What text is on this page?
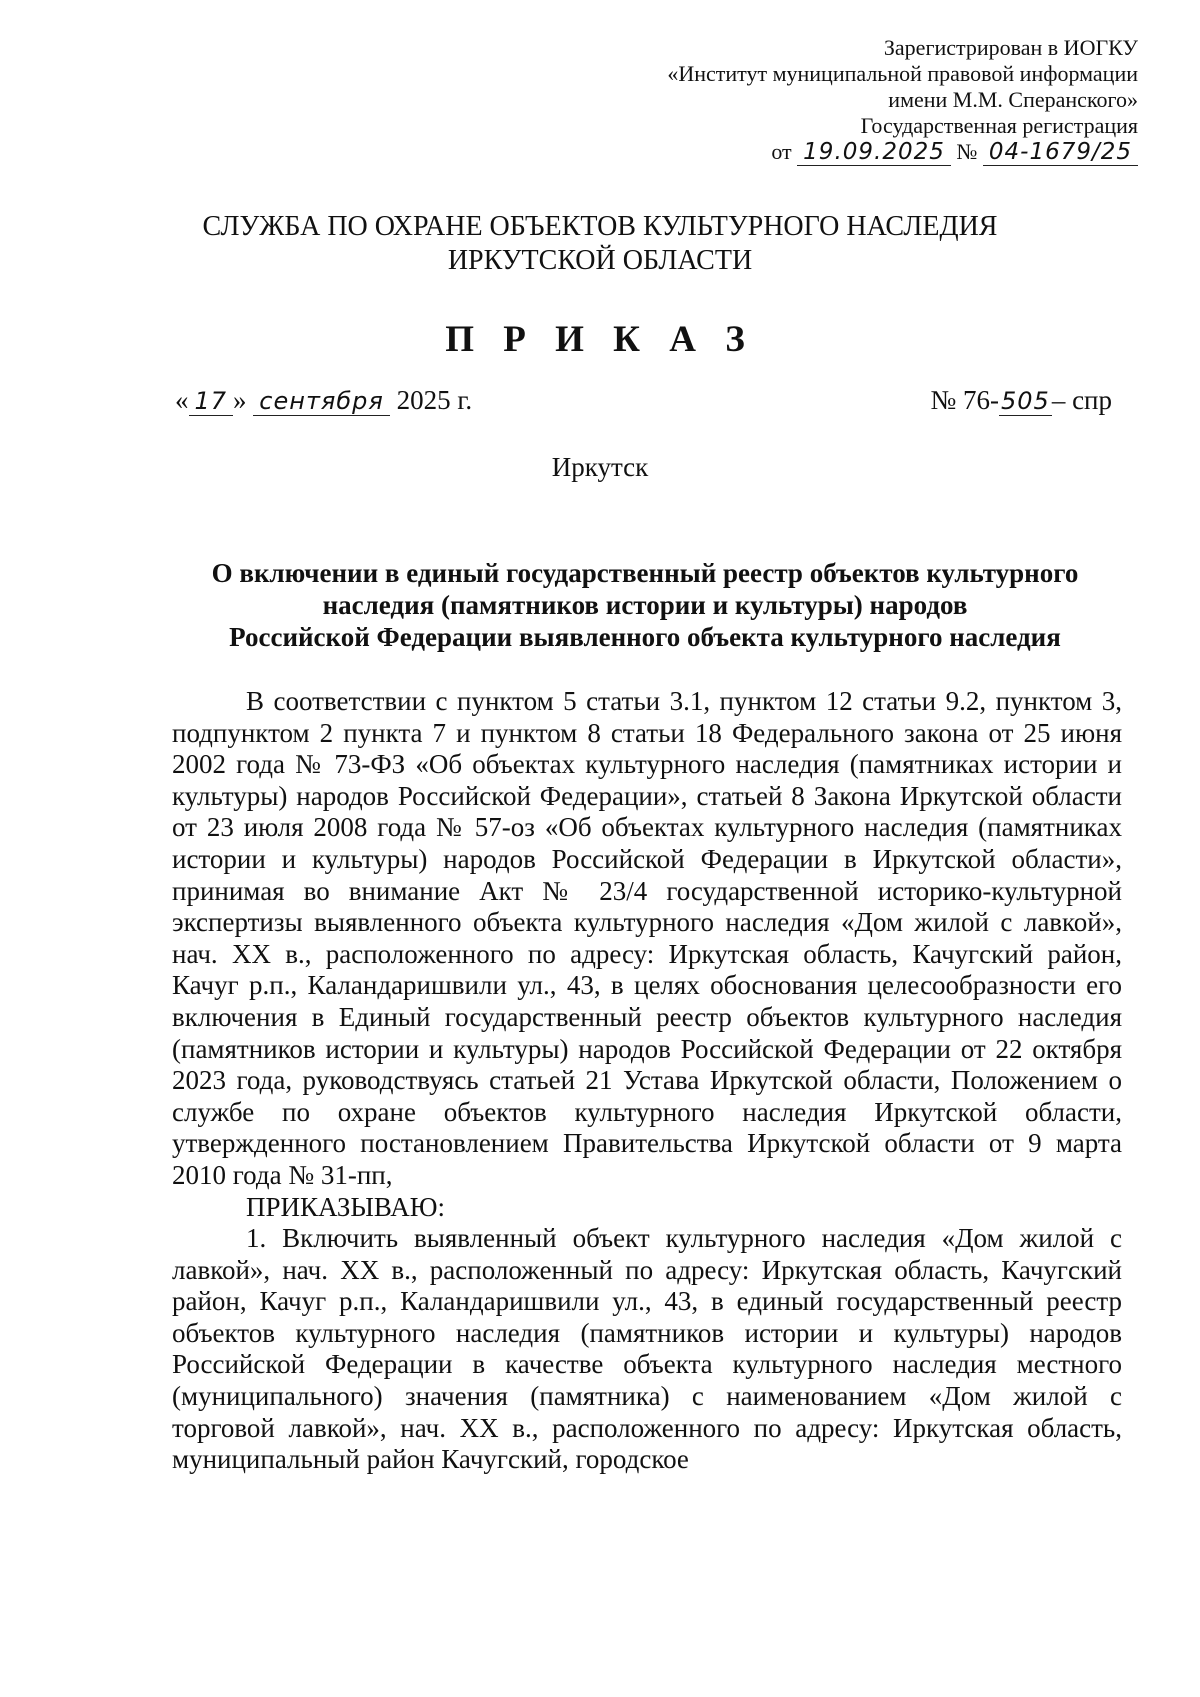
Зарегистрирован в ИОГКУ
«Институт муниципальной правовой информации
имени М.М. Сперанского»
Государственная регистрация
от 19.09.2025 № 04-1679/25
СЛУЖБА ПО ОХРАНЕ ОБЪЕКТОВ КУЛЬТУРНОГО НАСЛЕДИЯ
ИРКУТСКОЙ ОБЛАСТИ
П Р И К А З
« 17 » сентября 2025 г.	№ 76-505– спр
Иркутск
О включении в единый государственный реестр объектов культурного
наследия (памятников истории и культуры) народов
Российской Федерации выявленного объекта культурного наследия

В соответствии с пунктом 5 статьи 3.1, пунктом 12 статьи 9.2, пунктом 3, подпунктом 2 пункта 7 и пунктом 8 статьи 18 Федерального закона от 25 июня 2002 года № 73-ФЗ «Об объектах культурного наследия (памятниках истории и культуры) народов Российской Федерации», статьей 8 Закона Иркутской области от 23 июля 2008 года № 57-оз «Об объектах культурного наследия (памятниках истории и культуры) народов Российской Федерации в Иркутской области», принимая во внимание Акт № 23/4 государственной историко-культурной экспертизы выявленного объекта культурного наследия «Дом жилой с лавкой», нач. XX в., расположенного по адресу: Иркутская область, Качугский район, Качуг р.п., Каландаришвили ул., 43, в целях обоснования целесообразности его включения в Единый государственный реестр объектов культурного наследия (памятников истории и культуры) народов Российской Федерации от 22 октября 2023 года, руководствуясь статьей 21 Устава Иркутской области, Положением о службе по охране объектов культурного наследия Иркутской области, утвержденного постановлением Правительства Иркутской области от 9 марта 2010 года № 31-пп,

ПРИКАЗЫВАЮ:

1. Включить выявленный объект культурного наследия «Дом жилой с лавкой», нач. XX в., расположенный по адресу: Иркутская область, Качугский район, Качуг р.п., Каландаришвили ул., 43, в единый государственный реестр объектов культурного наследия (памятников истории и культуры) народов Российской Федерации в качестве объекта культурного наследия местного (муниципального) значения (памятника) с наименованием «Дом жилой с торговой лавкой», нач. XX в., расположенного по адресу: Иркутская область, муниципальный район Качугский, городское
